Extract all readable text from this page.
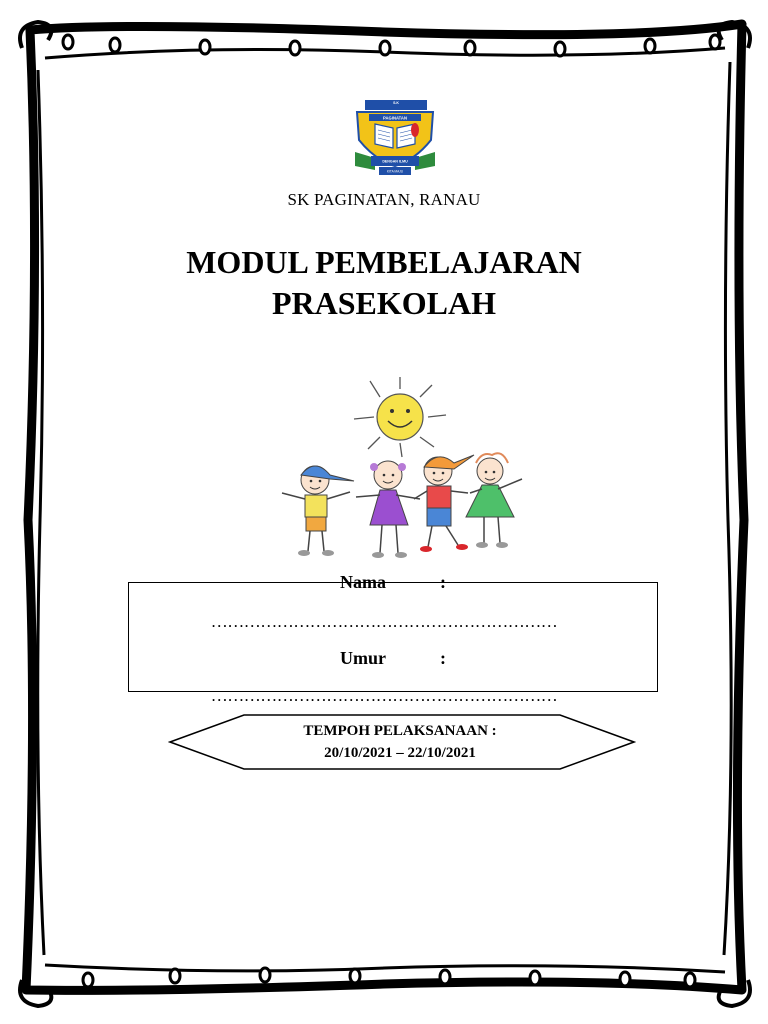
S.K
PAGINATAN
DENGAN ILMU
KITA MAJU
SK PAGINATAN, RANAU
MODUL PEMBELAJARAN
PRASEKOLAH
Nama	:
………………………………………………………
Umur	:
………………………………………………………
TEMPOH PELAKSANAAN :
20/10/2021 – 22/10/2021
